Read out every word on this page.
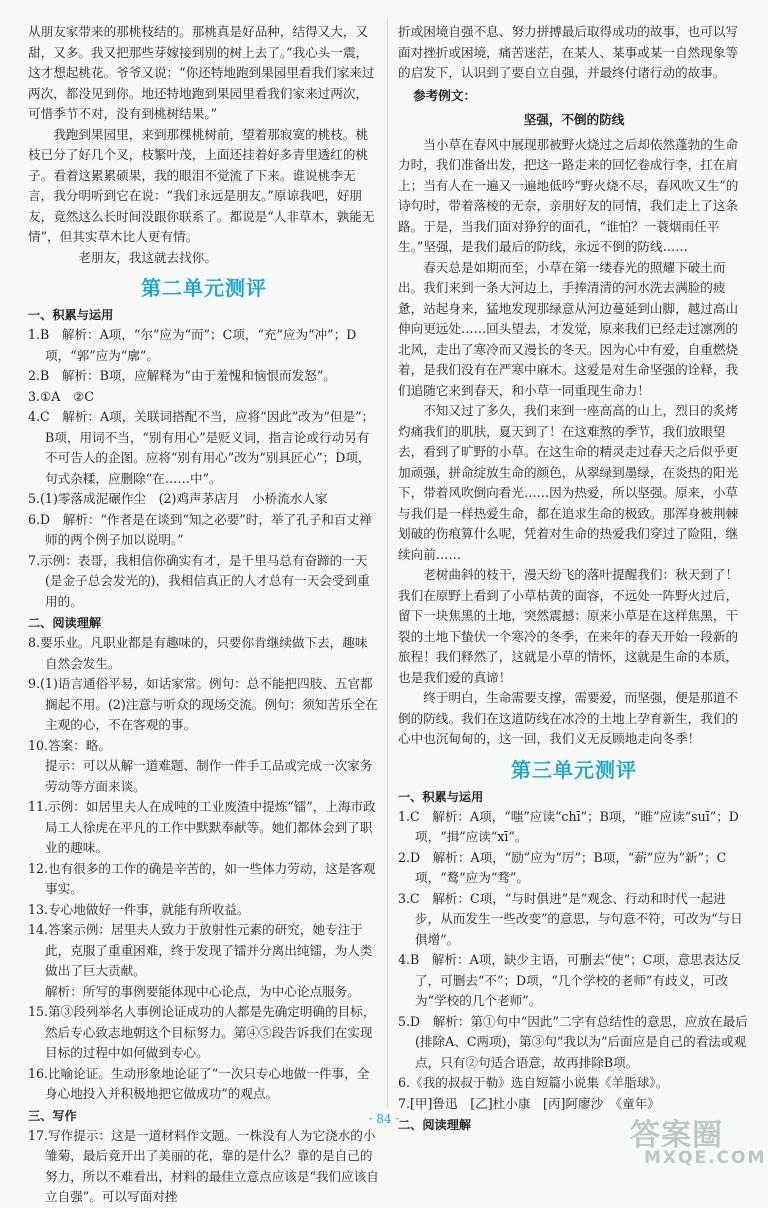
从朋友家带来的那桃枝结的。那桃真是好品种，结得又大，又甜，又多。我又把那些芽嫁接到别的树上去了。”我心头一震，这才想起桃花。爷爷又说：“你还特地跑到果园里看我们家来过两次，都没见到你。地还特地跑到果园里看我们家来过两次，可惜季节不对，没有到桃树结果。”

我跑到果园里，来到那棵桃树前，望着那寂寞的桃枝。桃枝已分了好几个叉，枝繁叶茂，上面还挂着好多青里透红的桃子。看着这累累硕果，我的眼泪不觉流了下来。谁说桃李无言，我分明听到它在说：“我们永远是朋友。”原谅我吧，好朋友，竟然这么长时间没跟你联系了。都说是“人非草木，孰能无情”，但其实草木比人更有情。

老朋友，我这就去找你。

第二单元测评

一、积累与运用

1.B　解析：A项，“尔”应为“而”；C项，“充”应为“冲”；D项，“郭”应为“廓”。

2.B　解析：B项，应解释为“由于羞愧和恼恨而发怒”。

3.①A　②C

4.C　解析：A项，关联词搭配不当，应将“因此”改为“但是”；B项，用词不当，“别有用心”是贬义词，指言论或行动另有不可告人的企图。应将“别有用心”改为“别具匠心”；D项，句式杂糅，应删除“在……中”。

5.(1)零落成泥碾作尘　(2)鸡声茅店月　小桥流水人家

6.D　解析：“作者是在谈到“知之必要”时，举了孔子和百丈禅师的两个例子加以说明。”

7.示例：表哥，我相信你确实有才，是千里马总有奋蹄的一天(是金子总会发光的)，我相信真正的人才总有一天会受到重用的。

二、阅读理解

8.要乐业。凡职业都是有趣味的，只要你肯继续做下去，趣味自然会发生。

9.(1)语言通俗平易，如话家常。例句：总不能把四肢、五官都搁起不用。(2)注意与听众的现场交流。例句：须知苦乐全在主观的心，不在客观的事。

10.答案：略。

提示：可以从解一道难题、制作一件手工品或完成一次家务劳动等方面来谈。

11.示例：如居里夫人在成吨的工业废渣中提炼“镭”，上海市政局工人徐虎在平凡的工作中默默奉献等。她们都体会到了职业的趣味。

12.也有很多的工作的确是辛苦的，如一些体力劳动，这是客观事实。

13.专心地做好一件事，就能有所收益。

14.答案示例：居里夫人致力于放射性元素的研究，她专注于此，克服了重重困难，终于发现了镭并分离出纯镭，为人类做出了巨大贡献。

解析：所写的事例要能体现中心论点，为中心论点服务。

15.第③段列举名人事例论证成功的人都是先确定明确的目标，然后专心致志地朝这个目标努力。第④⑤段告诉我们在实现目标的过程中如何做到专心。

16.比喻论证。生动形象地论证了“一次只专心地做一件事，全身心地投入并积极地把它做成功”的观点。

三、写作

17.写作提示：这是一道材料作文题。一株没有人为它浇水的小雏菊，最后竟开出了美丽的花，靠的是什么？靠的是自己的努力，所以不难看出，材料的最佳立意点应该是“我们应该自立自强”。可以写面对挫

折或困境自强不息、努力拼搏最后取得成功的故事，也可以写面对挫折或困境，痛苦迷茫，在某人、某事或某一自然现象等的启发下，认识到了要自立自强，并最终付诸行动的故事。

参考例文：

坚强，不倒的防线

当小草在春风中展现那被野火烧过之后却依然蓬勃的生命力时，我们准备出发，把这一路走来的回忆卷成行李，扛在肩上；当有人在一遍又一遍地低吟“野火烧不尽，春风吹又生”的诗句时，带着落棱的无奈，亲朋好友的同情，我们走上了这条路。于是，当我们面对狰狞的面孔，“谁怕？一蓑烟雨任平生。”坚强，是我们最后的防线，永远不倒的防线……

春天总是如期而至，小草在第一缕春光的照耀下破土而出。我们来到一条大河边上，手捧清清的河水洗去满脸的疲惫，站起身来，猛地发现那绿意从河边蔓延到山脚，越过高山伸向更远处……回头望去，才发觉，原来我们已经走过凛冽的北风，走出了寒冷而又漫长的冬天。因为心中有爱，自重燃烧着，是我们没有在严寒中麻木。这爱是对生命坚强的诠释，我们追随它来到春天，和小草一同重现生命力！

不知又过了多久，我们来到一座高高的山上，烈日的炙烤灼痛我们的肌肤，夏天到了！在这难熬的季节，我们放眼望去，看到了旷野的小草。在这生命的精灵走过春天之后似乎更加顽强，拼命绽放生命的颜色，从翠绿到墨绿，在炎热的阳光下，带着风吹倒向看光……因为热爱，所以坚强。原来，小草与我们是一样热爱生命，都在追求生命的极致。那浑身被荆棘划破的伤痕算什么呢，凭着对生命的热爱我们穿过了险阻，继续向前……

老树曲斜的枝干，漫天纷飞的落叶提醒我们：秋天到了！我们在原野上看到了小草枯黄的面容，不远处一阵野火过后，留下一块焦黑的土地，突然震撼：原来小草是在这样焦黑，干裂的土地下蛰伏一个寒冷的冬季，在来年的春天开始一段新的旅程！我们释然了，这就是小草的情怀，这就是生命的本质，也是我们爱的真谛！

终于明白，生命需要支撑，需要爱，而坚强，便是那道不倒的防线。我们在这道防线在冰冷的土地上孕育新生，我们的心中也沉甸甸的，这一回，我们义无反顾地走向冬季！

第三单元测评

一、积累与运用

1.C　解析：A项，“嗤”应读“chī”；B项，“睢”应读“suī”；D项，“揖”应读“xī”。

2.D　解析：A项，“励”应为“厉”；B项，“薪”应为“新”；C项，“鹜”应为“骛”。

3.C　解析：C项，“与时俱进”是“观念、行动和时代一起进步，从而发生一些改变”的意思，与句意不符，可改为“与日俱增”。

4.B　解析：A项，缺少主语，可删去“使”；C项，意思表达反了，可删去“不”；D项，“几个学校的老师”有歧义，可改为“学校的几个老师”。

5.D　解析：第①句中“因此”二字有总结性的意思，应放在最后(排除A、C两项)，第③句“我以为”后面应是自己的看法或观点，只有②句适合语意，故再排除B项。

6.《我的叔叔于勒》选自短篇小说集《羊脂球》。

7.[甲]鲁迅　[乙]杜小康　[丙]阿廖沙　《童年》

二、阅读理解

· 84 ·	答案圈
MXQE.COM
